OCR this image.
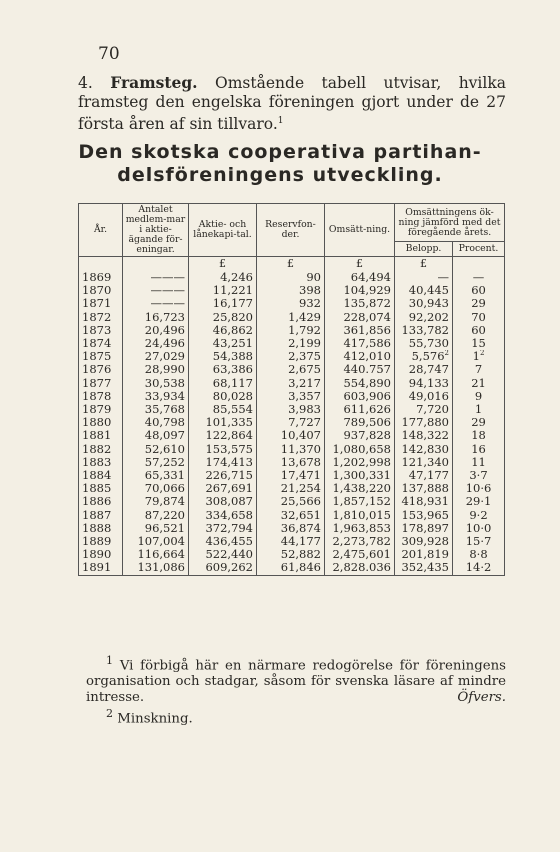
70

4. Framsteg. Omstående tabell utvisar, hvilka framsteg den engelska föreningen gjort under de 27 första åren af sin tillvaro.$^1$

Den skotska cooperativa partihan-
delsföreningens utveckling.
År.	Antalet medlem-mar i aktie-ägande för-eningar.	Aktie- och lånekapi-tal.	Reservfon-der.	Omsätt-ning.	Omsättningens ök-ning jämförd med det föregående årets.	
					Belopp.	Procent.
		£	£	£	£	
1869	———	4,246	90	64,494	—	—
1870	———	11,221	398	104,929	40,445	60
1871	———	16,177	932	135,872	30,943	29
1872	16,723	25,820	1,429	228,074	92,202	70
1873	20,496	46,862	1,792	361,856	133,782	60
1874	24,496	43,251	2,199	417,586	55,730	15
1875	27,029	54,388	2,375	412,010	5,576$^2$	$1^2$
1876	28,990	63,386	2,675	440.757	28,747	7
1877	30,538	68,117	3,217	554,890	94,133	21
1878	33,934	80,028	3,357	603,906	49,016	9
1879	35,768	85,554	3,983	611,626	7,720	1
1880	40,798	101,335	7,727	789,506	177,880	29
1881	48,097	122,864	10,407	937,828	148,322	18
1882	52,610	153,575	11,370	1,080,658	142,830	16
1883	57,252	174,413	13,678	1,202,998	121,340	11
1884	65,331	226,715	17,471	1,300,331	47,177	3·7
1885	70,066	267,691	21,254	1,438,220	137,888	10·6
1886	79,874	308,087	25,566	1,857,152	418,931	29·1
1887	87,220	334,658	32,651	1,810,015	153,965	9·2
1888	96,521	372,794	36,874	1,963,853	178,897	10·0
1889	107,004	436,455	44,177	2,273,782	309,928	15·7
1890	116,664	522,440	52,882	2,475,601	201,819	8·8
1891	131,086	609,262	61,846	2,828.036	352,435	14·2

$^1$ Vi förbigå här en närmare redogörelse för föreningens organisation och stadgar, såsom för svenska läsare af mindre intresse.	Öfvers.

$^2$ Minskning.
